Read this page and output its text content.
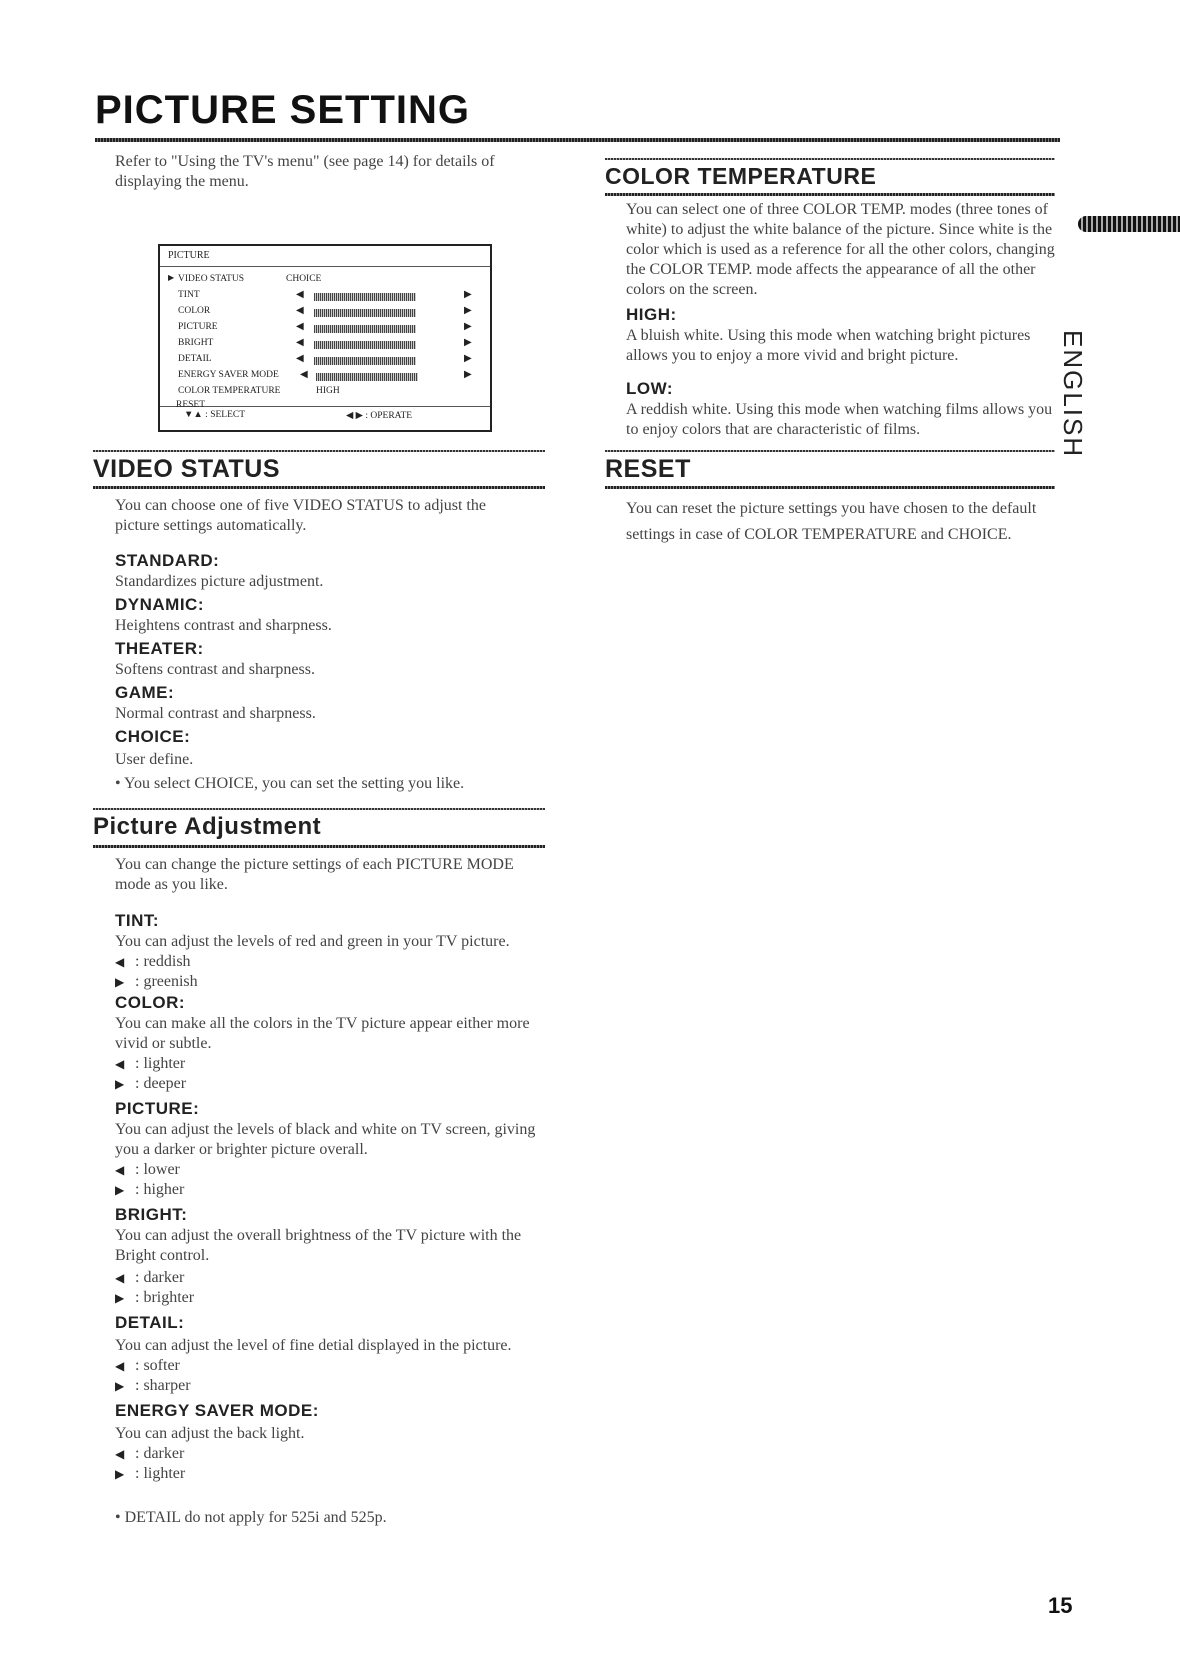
PICTURE SETTING
Refer to "Using the TV's menu" (see page 14) for details of displaying the menu.
PICTURE
▶ VIDEO STATUS	CHOICE
TINT	◀	▶
COLOR	◀	▶
PICTURE	◀	▶
BRIGHT	◀	▶
DETAIL	◀	▶
ENERGY SAVER MODE ◀	▶
COLOR TEMPERATURE	HIGH
▼▲ : SELECT	◀ ▶ : OPERATE
RESET
VIDEO STATUS
You can choose one of five VIDEO STATUS to adjust the picture settings automatically.
STANDARD:
Standardizes picture adjustment.
DYNAMIC:
Heightens contrast and sharpness.
THEATER:
Softens contrast and sharpness.
GAME:
Normal contrast and sharpness.
CHOICE:
User define.
• You select CHOICE, you can set the setting you like.
Picture Adjustment
You can change the picture settings of each PICTURE MODE mode as you like.
TINT:
You can adjust the levels of red and green in your TV picture.
◀ : reddish
▶ : greenish
COLOR:
You can make all the colors in the TV picture appear either more vivid or subtle.
◀ : lighter
▶ : deeper
PICTURE:
You can adjust the levels of black and white on TV screen, giving you a darker or brighter picture overall.
◀ : lower
▶ : higher
BRIGHT:
You can adjust the overall brightness of the TV picture with the Bright control.
◀ : darker
▶ : brighter
DETAIL:
You can adjust the level of fine detial displayed in the picture.
◀ : softer
▶ : sharper
ENERGY SAVER MODE:
You can adjust the back light.
◀ : darker
▶ : lighter
• DETAIL do not apply for 525i and 525p.
COLOR TEMPERATURE
You can select one of three COLOR TEMP. modes (three tones of white) to adjust the white balance of the picture. Since white is the color which is used as a reference for all the other colors, changing the COLOR TEMP. mode affects the appearance of all the other colors on the screen.
HIGH:
A bluish white. Using this mode when watching bright pictures allows you to enjoy a more vivid and bright picture.
LOW:
A reddish white. Using this mode when watching films allows you to enjoy colors that are characteristic of films.
RESET
You can reset the picture settings you have chosen to the default settings in case of COLOR TEMPERATURE and CHOICE.
ENGLISH
15
